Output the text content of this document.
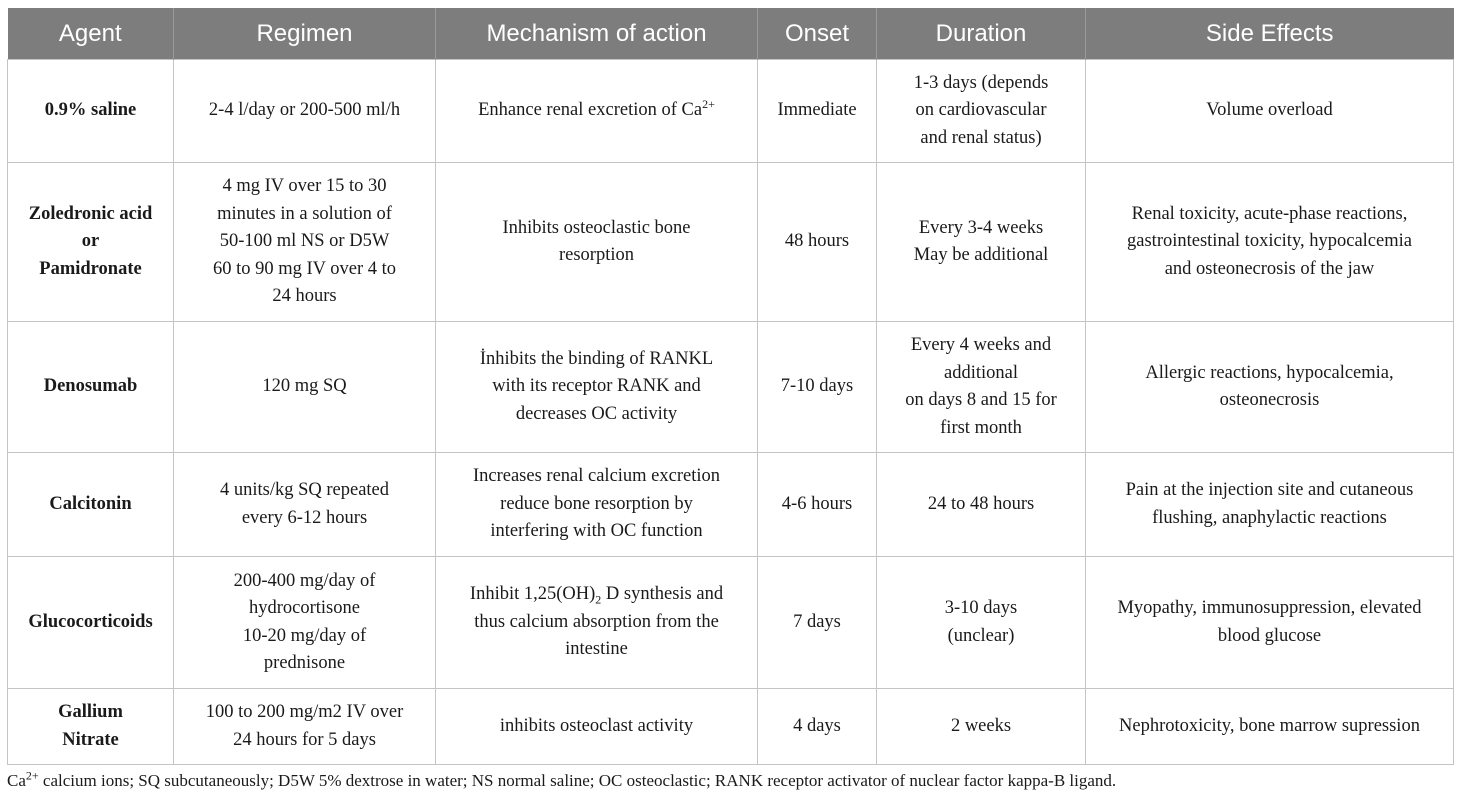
Agent	Regimen	Mechanism of action	Onset	Duration	Side Effects

0.9% saline	2-4 l/day or 200-500 ml/h	Enhance renal excretion of $Ca^{2+}$	Immediate	1-3 days (depends
on cardiovascular
and renal status)	Volume overload

Zoledronic acid
or
Pamidronate	4 mg IV over 15 to 30
minutes in a solution of
50-100 ml NS or D5W
60 to 90 mg IV over 4 to
24 hours	Inhibits osteoclastic bone
resorption	48 hours	Every 3-4 weeks
May be additional	Renal toxicity, acute-phase reactions,
gastrointestinal toxicity, hypocalcemia
and osteonecrosis of the jaw

Denosumab	120 mg SQ	İnhibits the binding of RANKL
with its receptor RANK and
decreases OC activity	7-10 days	Every 4 weeks and
additional
on days 8 and 15 for
first month	Allergic reactions, hypocalcemia,
osteonecrosis

Calcitonin	4 units/kg SQ repeated
every 6-12 hours	Increases renal calcium excretion
reduce bone resorption by
interfering with OC function	4-6 hours	24 to 48 hours	Pain at the injection site and cutaneous
flushing, anaphylactic reactions

Glucocorticoids	200-400 mg/day of
hydrocortisone
10-20 mg/day of
prednisone	Inhibit $1,25(OH)_2$ D synthesis and
thus calcium absorption from the
intestine	7 days	3-10 days
(unclear)	Myopathy, immunosuppression, elevated
blood glucose

Gallium
Nitrate	100 to 200 mg/m2 IV over
24 hours for 5 days	inhibits osteoclast activity	4 days	2 weeks	Nephrotoxicity, bone marrow supression
$Ca^{2+}$ calcium ions; SQ subcutaneously; D5W 5% dextrose in water; NS normal saline; OC osteoclastic; RANK receptor activator of nuclear factor kappa-B ligand.
